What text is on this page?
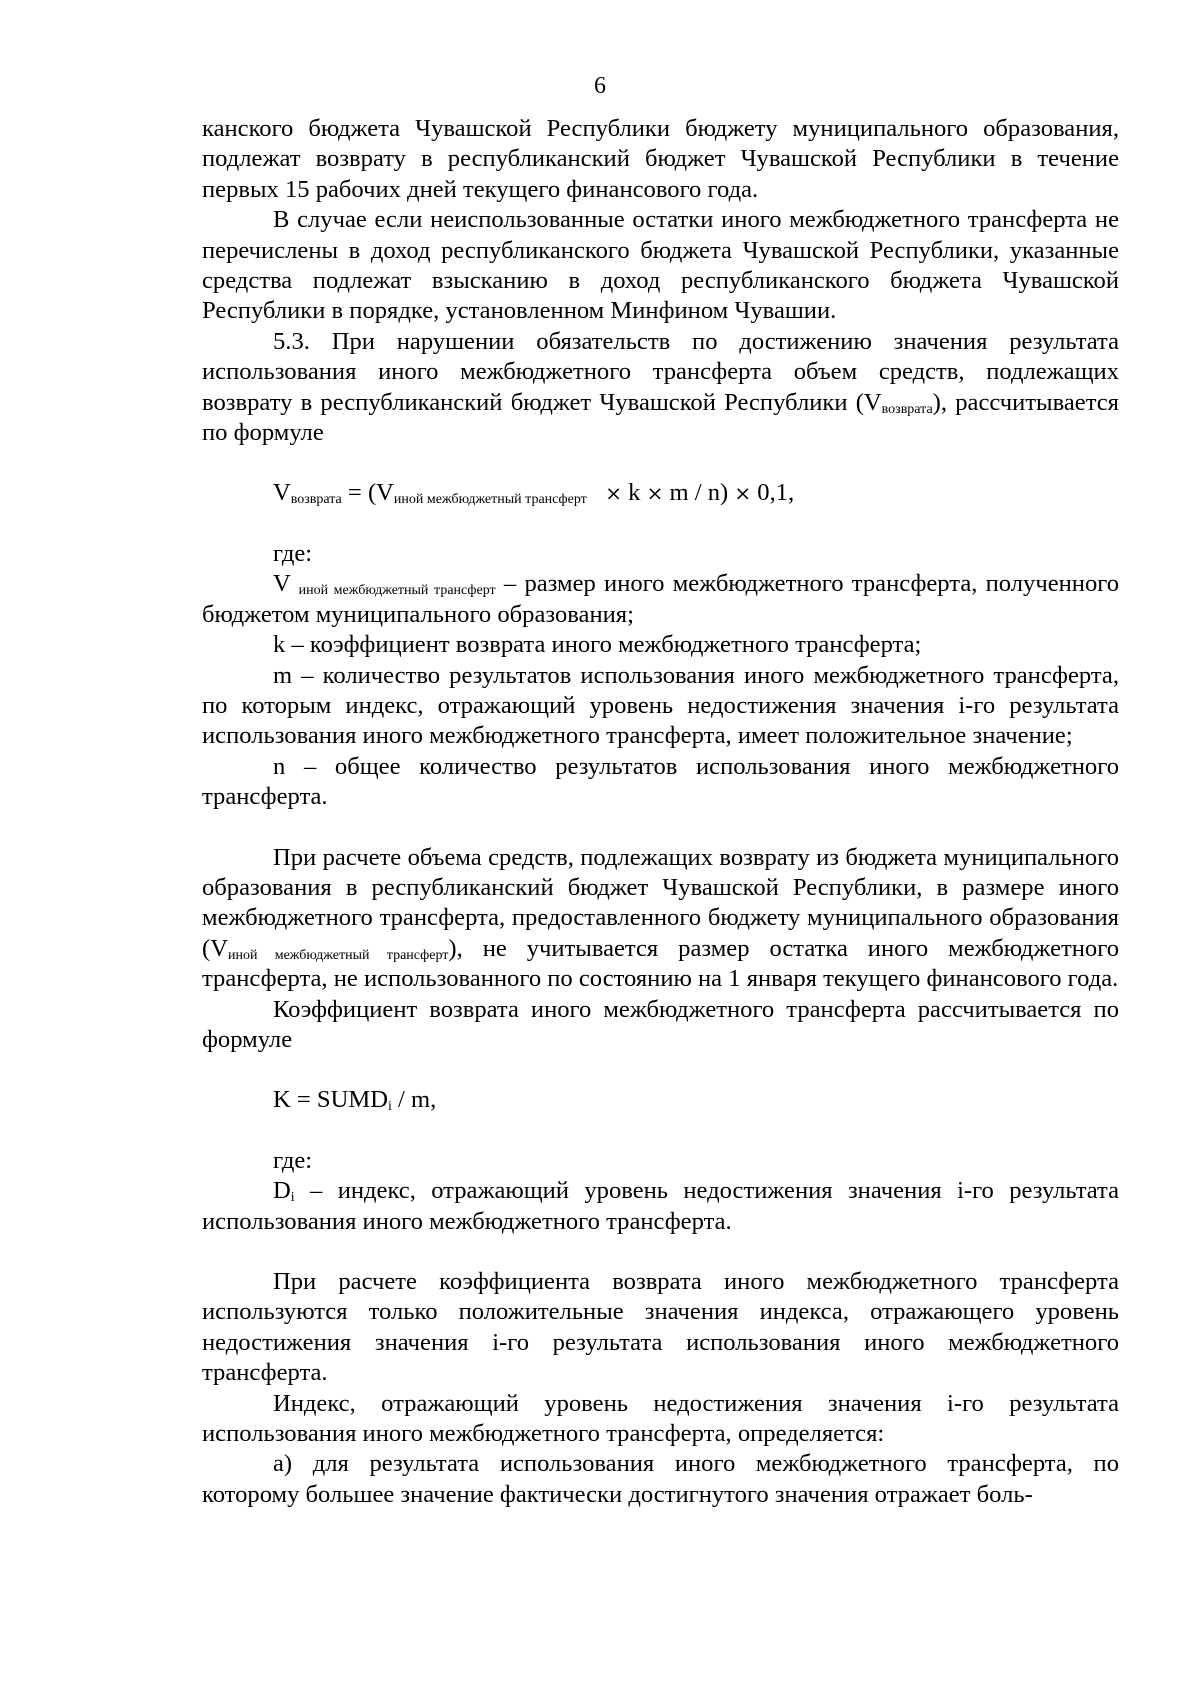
6

канского бюджета Чувашской Республики бюджету муниципального образования, подлежат возврату в республиканский бюджет Чувашской Республики в течение первых 15 рабочих дней текущего финансового года.

В случае если неиспользованные остатки иного межбюджетного трансферта не перечислены в доход республиканского бюджета Чувашской Республики, указанные средства подлежат взысканию в доход республиканского бюджета Чувашской Республики в порядке, установленном Минфином Чувашии.

5.3. При нарушении обязательств по достижению значения результата использования иного межбюджетного трансферта объем средств, подлежащих возврату в республиканский бюджет Чувашской Республики $(V_{возврата})$, рассчитывается по формуле

$V_{возврата} = (V_{иной межбюджетный трансферт} \times k \times m / n) \times 0,1$,

где:

V $_{иной межбюджетный трансферт}$ – размер иного межбюджетного трансферта, полученного бюджетом муниципального образования;

k – коэффициент возврата иного межбюджетного трансферта;

m – количество результатов использования иного межбюджетного трансферта, по которым индекс, отражающий уровень недостижения значения i-го результата использования иного межбюджетного трансферта, имеет положительное значение;

n – общее количество результатов использования иного межбюджетного трансферта.

При расчете объема средств, подлежащих возврату из бюджета муниципального образования в республиканский бюджет Чувашской Республики, в размере иного межбюджетного трансферта, предоставленного бюджету муниципального образования $(V_{иной межбюджетный трансферт})$, не учитывается размер остатка иного межбюджетного трансферта, не использованного по состоянию на 1 января текущего финансового года.

Коэффициент возврата иного межбюджетного трансферта рассчитывается по формуле

$K = SUMD_i / m$,

где:

$D_i$ – индекс, отражающий уровень недостижения значения i-го результата использования иного межбюджетного трансферта.

При расчете коэффициента возврата иного межбюджетного трансферта используются только положительные значения индекса, отражающего уровень недостижения значения i-го результата использования иного межбюджетного трансферта.

Индекс, отражающий уровень недостижения значения i-го результата использования иного межбюджетного трансферта, определяется:

а) для результата использования иного межбюджетного трансферта, по которому большее значение фактически достигнутого значения отражает боль-
